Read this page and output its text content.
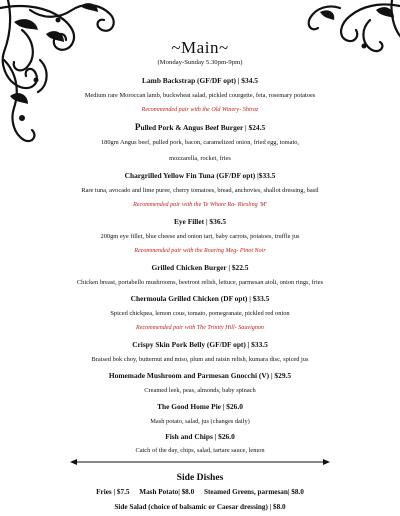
~Main~
(Monday-Sunday 5.30pm-9pm)
Lamb Backstrap (GF/DF opt) | $34.5
Medium rare Moroccan lamb, buckwheat salad, pickled courgette, feta, rosemary potatoes
Recommended pair with the Old Winery- Shiraz
Pulled Pork & Angus Beef Burger | $24.5
180gm Angus beef, pulled pork, bacon, caramelized onion, fried egg, tomato,
mozzarella, rocket, fries
Chargrilled Yellow Fin Tuna (GF/DF opt) |$33.5
Rare tuna, avocado and lime puree, cherry tomatoes, bread, anchovies, shallot dressing, basil
Recommended pair with the Te Whare Ra- Riesling 'M'
Eye Fillet | $36.5
200gm eye fillet, blue cheese and onion tart, baby carrots, potatoes, truffle jus
Recommended pair with the Roaring Meg- Pinot Noir
Grilled Chicken Burger | $22.5
Chicken breast, portabello mushrooms, beetroot relish, lettuce, parmesan aioli, onion rings, fries
Chermoula Grilled Chicken (DF opt) | $33.5
Spiced chickpea, lemon cous, tomato, pomegranate, pickled red onion
Recommended pair with The Trinity Hill- Sauvignon
Crispy Skin Pork Belly (GF/DF opt) | $33.5
Braised bok choy, butternut and miso, plum and raisin relish, kumara disc, spiced jus
Homemade Mushroom and Parmesan Gnocchi (V) | $29.5
Creamed leek, peas, almonds, baby spinach
The Good Home Pie | $26.0
Mash potato, salad, jus (changes daily)
Fish and Chips | $26.0
Catch of the day, chips, salad, tartare sauce, lemon
Side Dishes
Fries | $7.5 Mash Potato| $8.0 Steamed Greens, parmesan| $8.0
Side Salad (choice of balsamic or Caesar dressing) | $8.0
